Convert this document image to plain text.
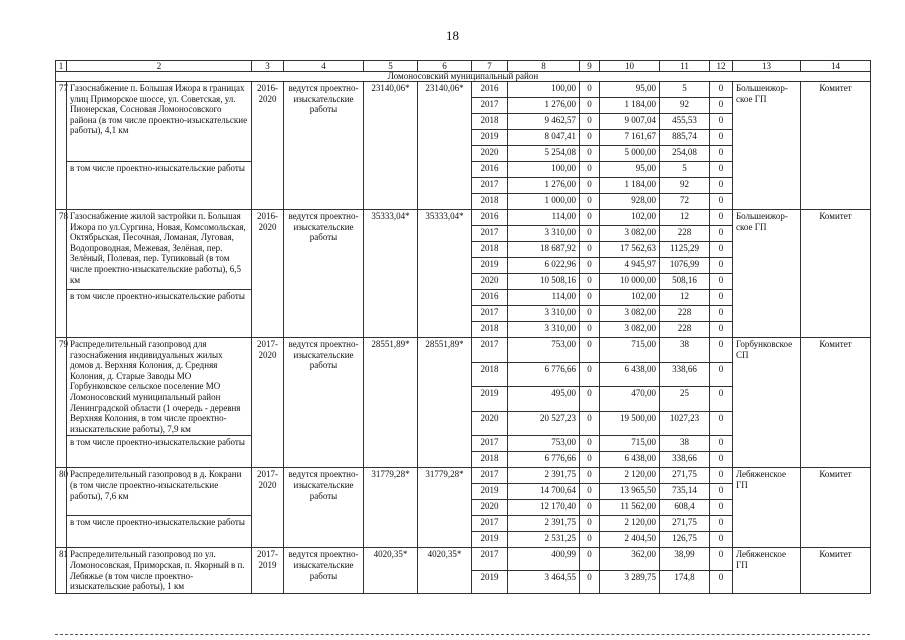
18
1	2	3	4	5	6	7	8	9	10	11	12	13	14
Ломоносовский муниципальный район													
77	Газоснабжение п. Большая Ижора в границах улиц Приморское шоссе, ул. Советская, ул. Пионерская, Сосновая Ломоносовского района (в том числе проектно-изыскательские работы), 4,1 км	2016-2020	ведутся проектно-изыскательские работы	23140,06*	23140,06*	2016	100,00	0	95,00	5	0	Большеижор-ское ГП	Комитет
						2017	1 276,00	0	1 184,00	92	0		
						2018	9 462,57	0	9 007,04	455,53	0		
						2019	8 047,41	0	7 161,67	885,74	0		
						2020	5 254,08	0	5 000,00	254,08	0		
	в том числе проектно-изыскательские работы					2016	100,00	0	95,00	5	0		
						2017	1 276,00	0	1 184,00	92	0		
						2018	1 000,00	0	928,00	72	0		
78	Газоснабжение жилой застройки п. Большая Ижора по ул.Сургина, Новая, Комсомольская, Октябрьская, Песочная, Ломаная, Луговая, Водопроводная, Межевая, Зелёная, пер. Зелёный, Полевая, пер. Тупиковый (в том числе проектно-изыскательские работы), 6,5 км	2016-2020	ведутся проектно-изыскательские работы	35333,04*	35333,04*	2016	114,00	0	102,00	12	0	Большеижор-ское ГП	Комитет
						2017	3 310,00	0	3 082,00	228	0		
						2018	18 687,92	0	17 562,63	1125,29	0		
						2019	6 022,96	0	4 945,97	1076,99	0		
						2020	10 508,16	0	10 000,00	508,16	0		
	в том числе проектно-изыскательские работы					2016	114,00	0	102,00	12	0		
						2017	3 310,00	0	3 082,00	228	0		
						2018	3 310,00	0	3 082,00	228	0		
79	Распределительный газопровод для газоснабжения индивидуальных жилых домов д. Верхняя Колония, д. Средняя Колония, д. Старые Заводы МО Горбунковское сельское поселение МО Ломоносовский муниципальный район Ленинградской области (1 очередь - деревня Верхняя Колония, в том числе проектно-изыскательские работы), 7,9 км	2017-2020	ведутся проектно-изыскательские работы	28551,89*	28551,89*	2017	753,00	0	715,00	38	0	Горбунковское СП	Комитет
						2018	6 776,66	0	6 438,00	338,66	0		
						2019	495,00	0	470,00	25	0		
						2020	20 527,23	0	19 500,00	1027,23	0		
	в том числе проектно-изыскательские работы					2017	753,00	0	715,00	38	0		
						2018	6 776,66	0	6 438,00	338,66	0		
80	Распределительный газопровод в д. Кокрани (в том числе проектно-изыскательские работы), 7,6 км	2017-2020	ведутся проектно-изыскательские работы	31779,28*	31779,28*	2017	2 391,75	0	2 120,00	271,75	0	Лебяженское ГП	Комитет
						2019	14 700,64	0	13 965,50	735,14	0		
						2020	12 170,40	0	11 562,00	608,4	0		
	в том числе проектно-изыскательские работы					2017	2 391,75	0	2 120,00	271,75	0		
						2019	2 531,25	0	2 404,50	126,75	0		
81	Распределительный газопровод по ул. Ломоносовская, Приморская, п. Якорный в п. Лебяжье (в том числе проектно-изыскательские работы), 1 км	2017-2019	ведутся проектно-изыскательские работы	4020,35*	4020,35*	2017	400,99	0	362,00	38,99	0	Лебяженское ГП	Комитет
						2019	3 464,55	0	3 289,75	174,8	0		
